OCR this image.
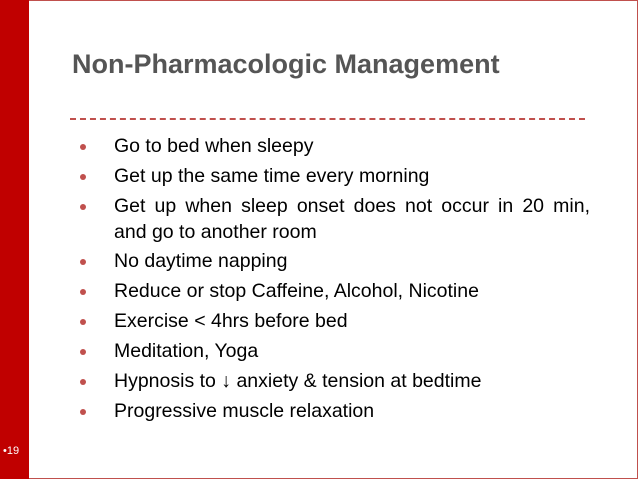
Non-Pharmacologic Management
Go to bed when sleepy
Get up the same time every morning
Get up when sleep onset does not occur in 20 min, and go to another room
No daytime napping
Reduce or stop Caffeine, Alcohol, Nicotine
Exercise < 4hrs before bed
Meditation, Yoga
Hypnosis to ↓ anxiety & tension at bedtime
Progressive muscle relaxation
•19
